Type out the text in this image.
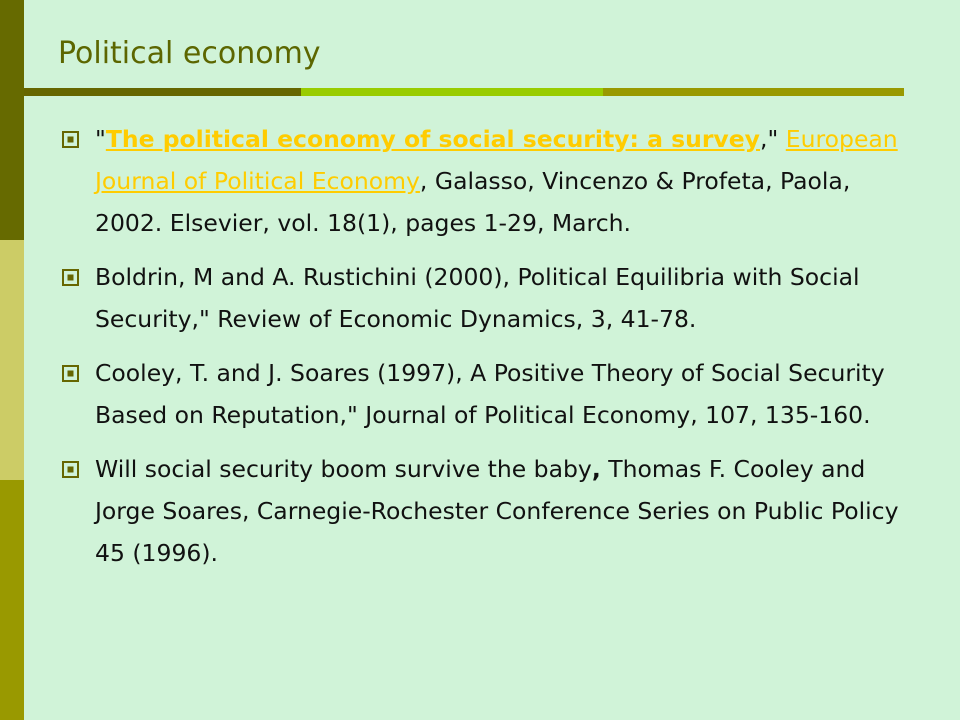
Political economy
"The political economy of social security: a survey," European Journal of Political Economy, Galasso, Vincenzo & Profeta, Paola, 2002. Elsevier, vol. 18(1), pages 1-29, March.
Boldrin, M and A. Rustichini (2000), Political Equilibria with Social Security," Review of Economic Dynamics, 3, 41-78.
Cooley, T. and J. Soares (1997), A Positive Theory of Social Security Based on Reputation," Journal of Political Economy, 107, 135-160.
Will social security boom survive the baby, Thomas F. Cooley and Jorge Soares, Carnegie-Rochester Conference Series on Public Policy 45 (1996).
